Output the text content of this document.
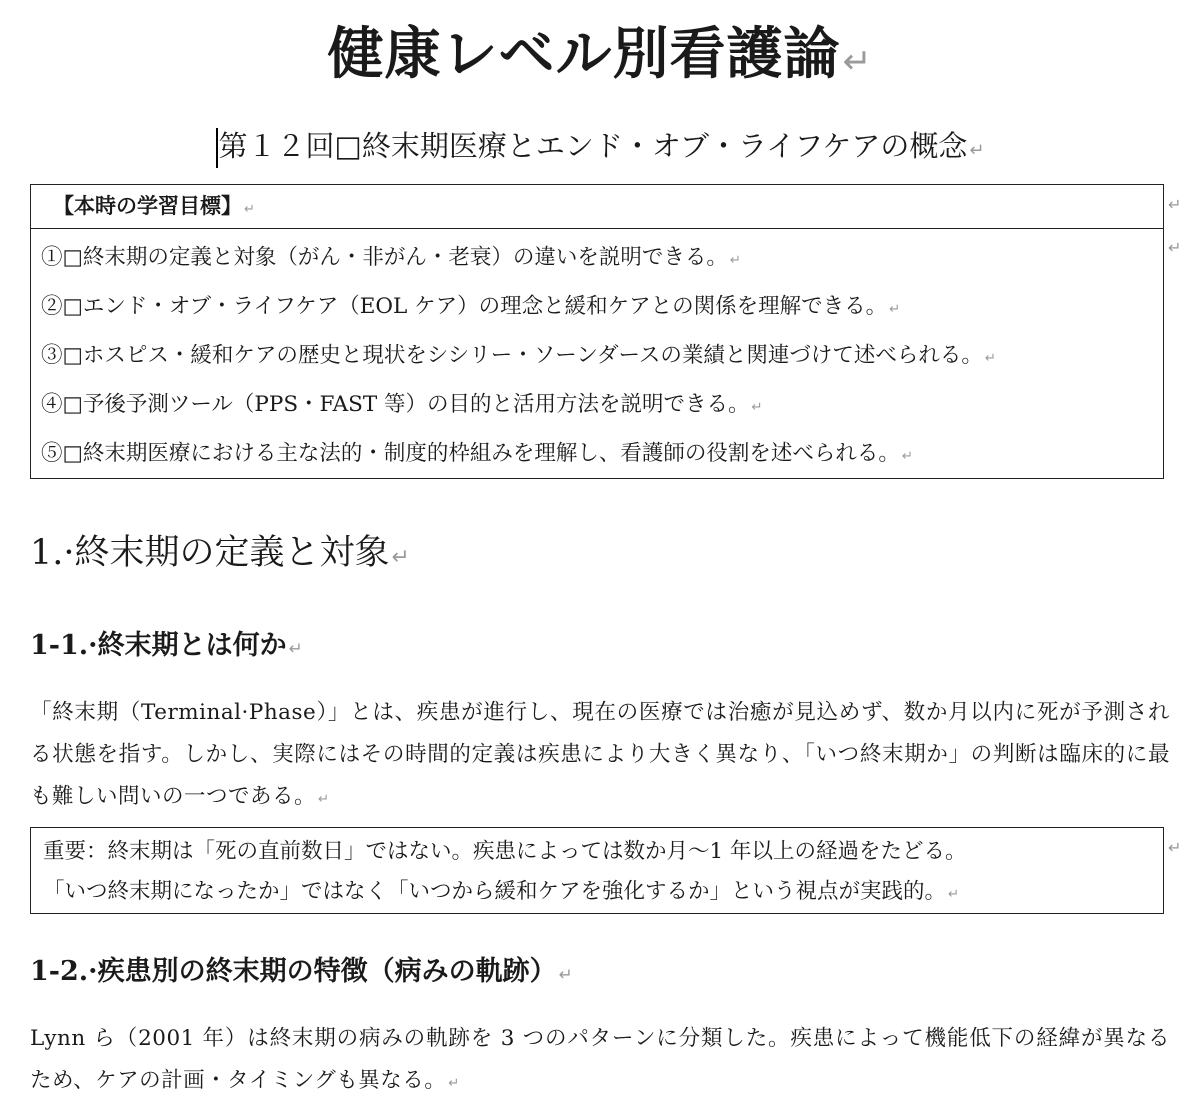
健康レベル別看護論↵
第１２回□終末期医療とエンド・オブ・ライフケアの概念 ↵
【本時の学習目標】 ↵
①□終末期の定義と対象（がん・非がん・老衰）の違いを説明できる。 ↵
②□エンド・オブ・ライフケア（EOL ケア）の理念と緩和ケアとの関係を理解できる。 ↵
③□ホスピス・緩和ケアの歴史と現状をシシリー・ソーンダースの業績と関連づけて述べられる。 ↵
④□予後予測ツール（PPS・FAST 等）の目的と活用方法を説明できる。 ↵
⑤□終末期医療における主な法的・制度的枠組みを理解し、看護師の役割を述べられる。 ↵
↵
↵
1.·終末期の定義と対象↵
1-1.·終末期とは何か ↵
「終末期（Terminal·Phase）」とは、疾患が進行し、現在の医療では治癒が見込めず、数か月以内に死が予測される状態を指す。しかし、実際にはその時間的定義は疾患により大きく異なり、「いつ終末期か」の判断は臨床的に最も難しい問いの一つである。 ↵
重要：終末期は「死の直前数日」ではない。疾患によっては数か月〜1 年以上の経過をたどる。
「いつ終末期になったか」ではなく「いつから緩和ケアを強化するか」という視点が実践的。 ↵
↵
1-2.·疾患別の終末期の特徴（病みの軌跡） ↵
Lynn ら（2001 年）は終末期の病みの軌跡を 3 つのパターンに分類した。疾患によって機能低下の経緯が異なるため、ケアの計画・タイミングも異なる。 ↵
